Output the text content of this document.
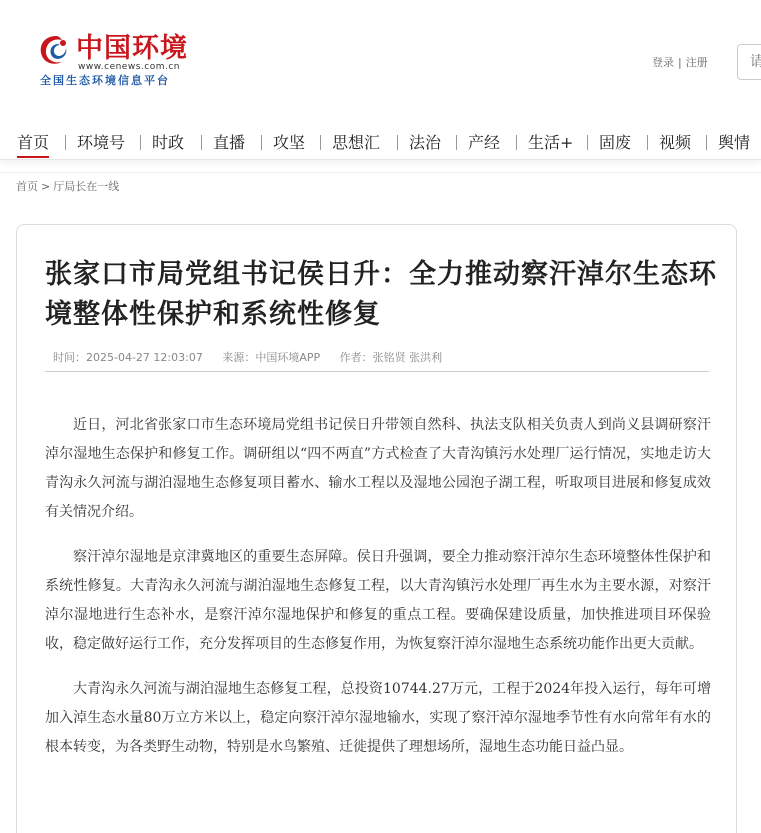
中国环境
www.cenews.com.cn
全国生态环境信息平台
登录 | 注册
请
首页 环境号 时政 直播 攻坚 思想汇 法治 产经 生活+ 固废 视频 舆情
首页 > 厅局长在一线
张家口市局党组书记侯日升：全力推动察汗淖尔生态环境整体性保护和系统性修复
时间：2025-04-27 12:03:07 来源：中国环境APP 作者：张铭贤 张洪利

近日，河北省张家口市生态环境局党组书记侯日升带领自然科、执法支队相关负责人到尚义县调研察汗淖尔湿地生态保护和修复工作。调研组以“四不两直”方式检查了大青沟镇污水处理厂运行情况，实地走访大青沟永久河流与湖泊湿地生态修复项目蓄水、输水工程以及湿地公园泡子湖工程，听取项目进展和修复成效有关情况介绍。

察汗淖尔湿地是京津冀地区的重要生态屏障。侯日升强调，要全力推动察汗淖尔生态环境整体性保护和系统性修复。大青沟永久河流与湖泊湿地生态修复工程，以大青沟镇污水处理厂再生水为主要水源，对察汗淖尔湿地进行生态补水，是察汗淖尔湿地保护和修复的重点工程。要确保建设质量，加快推进项目环保验收，稳定做好运行工作，充分发挥项目的生态修复作用，为恢复察汗淖尔湿地生态系统功能作出更大贡献。

大青沟永久河流与湖泊湿地生态修复工程，总投资10744.27万元，工程于2024年投入运行，每年可增加入淖生态水量80万立方米以上，稳定向察汗淖尔湿地输水，实现了察汗淖尔湿地季节性有水向常年有水的根本转变，为各类野生动物，特别是水鸟繁殖、迁徙提供了理想场所，湿地生态功能日益凸显。
